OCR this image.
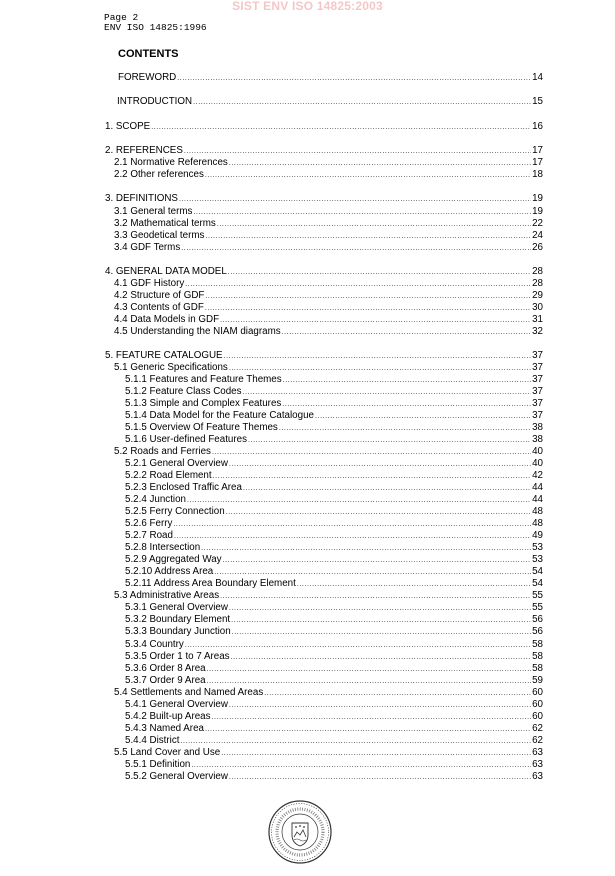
SIST ENV ISO 14825:2003
Page 2
ENV ISO 14825:1996
CONTENTS
FOREWORD .....	14
INTRODUCTION .....	15
1. SCOPE .....	16
2. REFERENCES .....	17
2.1 Normative References .....	17
2.2 Other references .....	18
3. DEFINITIONS .....	19
3.1 General terms .....	19
3.2 Mathematical terms .....	22
3.3 Geodetical terms .....	24
3.4 GDF Terms .....	26
4. GENERAL DATA MODEL .....	28
4.1 GDF History .....	28
4.2 Structure of GDF .....	29
4.3 Contents of GDF .....	30
4.4 Data Models in GDF .....	31
4.5 Understanding the NIAM diagrams .....	32
5. FEATURE CATALOGUE .....	37
5.1 Generic Specifications .....	37
5.1.1 Features and Feature Themes .....	37
5.1.2 Feature Class Codes .....	37
5.1.3 Simple and Complex Features .....	37
5.1.4 Data Model for the Feature Catalogue .....	37
5.1.5 Overview Of Feature Themes .....	38
5.1.6 User-defined Features .....	38
5.2 Roads and Ferries .....	40
5.2.1 General Overview .....	40
5.2.2 Road Element .....	42
5.2.3 Enclosed Traffic Area .....	44
5.2.4 Junction .....	44
5.2.5 Ferry Connection .....	48
5.2.6 Ferry .....	48
5.2.7 Road .....	49
5.2.8 Intersection .....	53
5.2.9 Aggregated Way .....	53
5.2.10 Address Area .....	54
5.2.11 Address Area Boundary Element .....	54
5.3 Administrative Areas .....	55
5.3.1 General Overview .....	55
5.3.2 Boundary Element .....	56
5.3.3 Boundary Junction .....	56
5.3.4 Country .....	58
5.3.5 Order 1 to 7 Areas .....	58
5.3.6 Order 8 Area .....	58
5.3.7 Order 9 Area .....	59
5.4 Settlements and Named Areas .....	60
5.4.1 General Overview .....	60
5.4.2 Built-up Areas .....	60
5.4.3 Named Area .....	62
5.4.4 District .....	62
5.5 Land Cover and Use .....	63
5.5.1 Definition .....	63
5.5.2 General Overview .....	63
